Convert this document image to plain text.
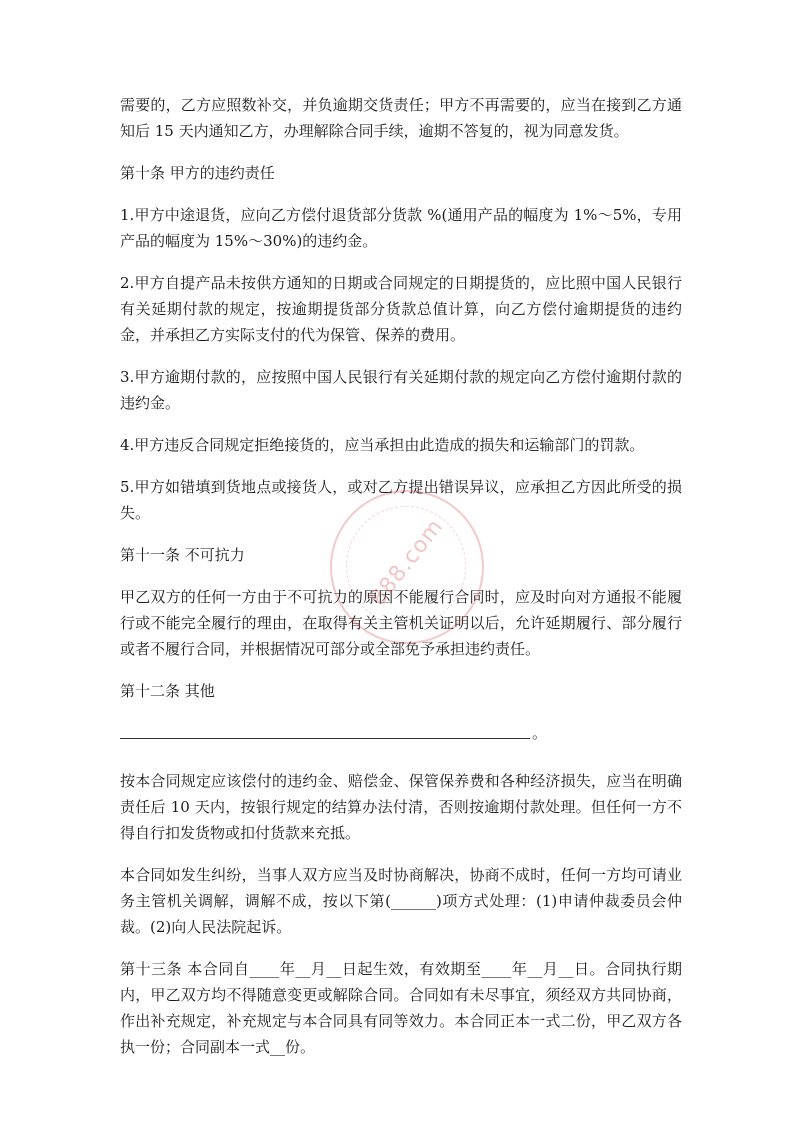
需要的，乙方应照数补交，并负逾期交货责任；甲方不再需要的，应当在接到乙方通知后 15 天内通知乙方，办理解除合同手续，逾期不答复的，视为同意发货。

第十条 甲方的违约责任

1.甲方中途退货，应向乙方偿付退货部分货款 %(通用产品的幅度为 1%～5%，专用产品的幅度为 15%～30%)的违约金。

2.甲方自提产品未按供方通知的日期或合同规定的日期提货的，应比照中国人民银行有关延期付款的规定，按逾期提货部分货款总值计算，向乙方偿付逾期提货的违约金，并承担乙方实际支付的代为保管、保养的费用。

3.甲方逾期付款的，应按照中国人民银行有关延期付款的规定向乙方偿付逾期付款的违约金。

4.甲方违反合同规定拒绝接货的，应当承担由此造成的损失和运输部门的罚款。

5.甲方如错填到货地点或接货人，或对乙方提出错误异议，应承担乙方因此所受的损失。

第十一条 不可抗力

甲乙双方的任何一方由于不可抗力的原因不能履行合同时，应及时向对方通报不能履行或不能完全履行的理由，在取得有关主管机关证明以后，允许延期履行、部分履行或者不履行合同，并根据情况可部分或全部免予承担违约责任。

第十二条 其他

。

按本合同规定应该偿付的违约金、赔偿金、保管保养费和各种经济损失，应当在明确责任后 10 天内，按银行规定的结算办法付清，否则按逾期付款处理。但任何一方不得自行扣发货物或扣付货款来充抵。

本合同如发生纠纷，当事人双方应当及时协商解决，协商不成时，任何一方均可请业务主管机关调解，调解不成，按以下第(______)项方式处理：(1)申请仲裁委员会仲裁。(2)向人民法院起诉。

第十三条 本合同自____年__月__日起生效，有效期至____年__月__日。合同执行期内，甲乙双方均不得随意变更或解除合同。合同如有未尽事宜，须经双方共同协商，作出补充规定，补充规定与本合同具有同等效力。本合同正本一式二份，甲乙双方各执一份；合同副本一式__份。

888.com
